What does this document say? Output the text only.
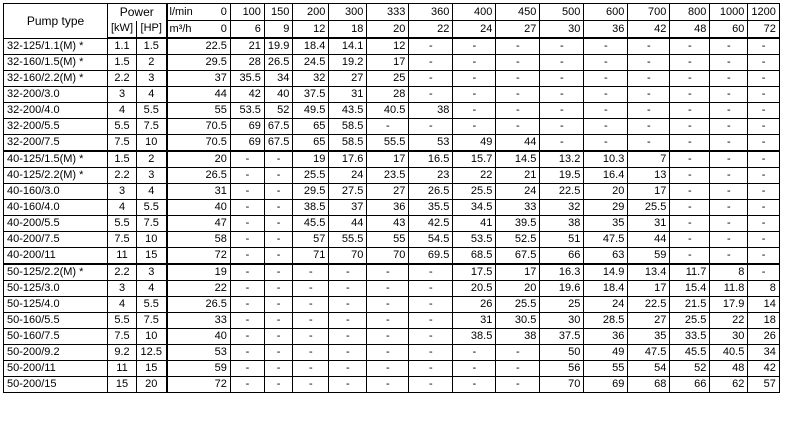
Pump type	Power		l/min	0	100	150	200	300	333	360	400	450	500	600	700	800	1000	1200
	[kW]	[HP]	m³/h	0	6	9	12	18	20	22	24	27	30	36	42	48	60	72
32-125/1.1(M) *	1.1	1.5		22.5	21	19.9	18.4	14.1	12	-	-	-	-	-	-	-	-	-
32-160/1.5(M) *	1.5	2		29.5	28	26.5	24.5	19.2	17	-	-	-	-	-	-	-	-	-
32-160/2.2(M) *	2.2	3		37	35.5	34	32	27	25	-	-	-	-	-	-	-	-	-
32-200/3.0	3	4		44	42	40	37.5	31	28	-	-	-	-	-	-	-	-	-
32-200/4.0	4	5.5		55	53.5	52	49.5	43.5	40.5	38	-	-	-	-	-	-	-	-
32-200/5.5	5.5	7.5		70.5	69	67.5	65	58.5	-	-	-	-	-	-	-	-	-	-
32-200/7.5	7.5	10		70.5	69	67.5	65	58.5	55.5	53	49	44	-	-	-	-	-	-
40-125/1.5(M) *	1.5	2		20	-	-	19	17.6	17	16.5	15.7	14.5	13.2	10.3	7	-	-	-
40-125/2.2(M) *	2.2	3		26.5	-	-	25.5	24	23.5	23	22	21	19.5	16.4	13	-	-	-
40-160/3.0	3	4		31	-	-	29.5	27.5	27	26.5	25.5	24	22.5	20	17	-	-	-
40-160/4.0	4	5.5		40	-	-	38.5	37	36	35.5	34.5	33	32	29	25.5	-	-	-
40-200/5.5	5.5	7.5		47	-	-	45.5	44	43	42.5	41	39.5	38	35	31	-	-	-
40-200/7.5	7.5	10		58	-	-	57	55.5	55	54.5	53.5	52.5	51	47.5	44	-	-	-
40-200/11	11	15		72	-	-	71	70	70	69.5	68.5	67.5	66	63	59	-	-	-
50-125/2.2(M) *	2.2	3		19	-	-	-	-	-	-	17.5	17	16.3	14.9	13.4	11.7	8	-
50-125/3.0	3	4		22	-	-	-	-	-	-	20.5	20	19.6	18.4	17	15.4	11.8	8
50-125/4.0	4	5.5		26.5	-	-	-	-	-	-	26	25.5	25	24	22.5	21.5	17.9	14
50-160/5.5	5.5	7.5		33	-	-	-	-	-	-	31	30.5	30	28.5	27	25.5	22	18
50-160/7.5	7.5	10		40	-	-	-	-	-	-	38.5	38	37.5	36	35	33.5	30	26
50-200/9.2	9.2	12.5		53	-	-	-	-	-	-	-	-	50	49	47.5	45.5	40.5	34
50-200/11	11	15		59	-	-	-	-	-	-	-	-	56	55	54	52	48	42
50-200/15	15	20		72	-	-	-	-	-	-	-	-	70	69	68	66	62	57
